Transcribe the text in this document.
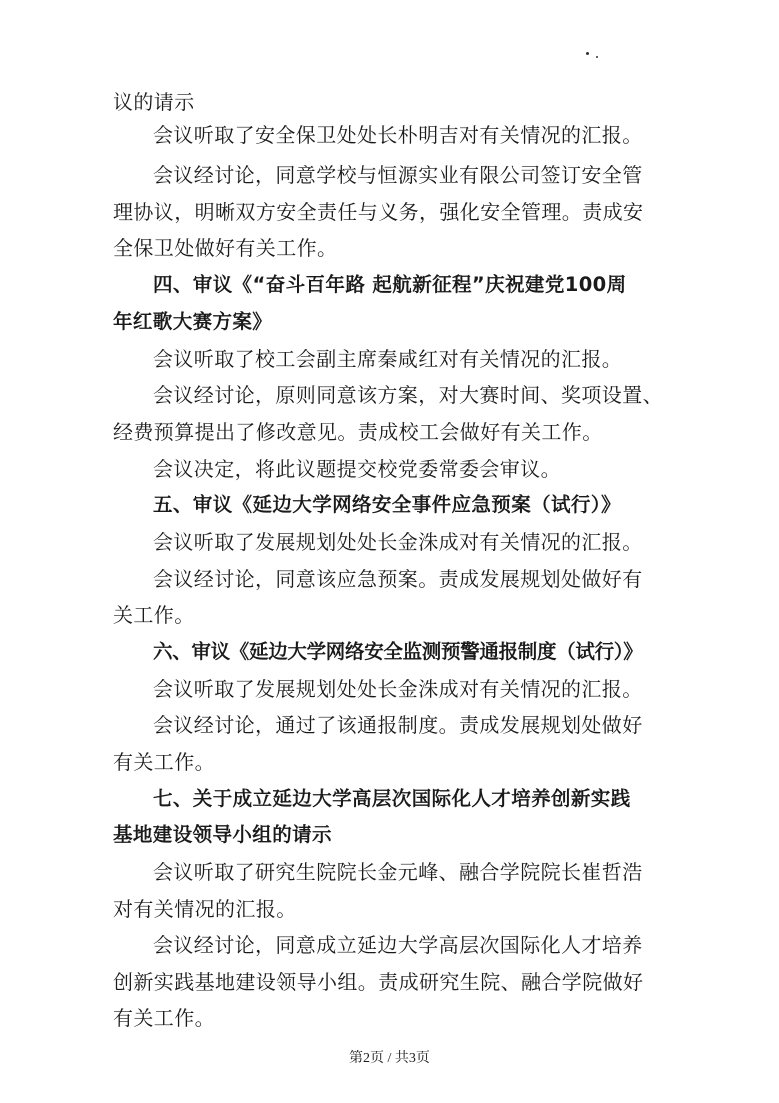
议的请示
会议听取了安全保卫处处长朴明吉对有关情况的汇报。
会议经讨论，同意学校与恒源实业有限公司签订安全管
理协议，明晰双方安全责任与义务，强化安全管理。责成安
全保卫处做好有关工作。
四、审议《“奋斗百年路 起航新征程”庆祝建党100周
年红歌大赛方案》
会议听取了校工会副主席秦咸红对有关情况的汇报。
会议经讨论，原则同意该方案，对大赛时间、奖项设置、
经费预算提出了修改意见。责成校工会做好有关工作。
会议决定，将此议题提交校党委常委会审议。
五、审议《延边大学网络安全事件应急预案（试行）》
会议听取了发展规划处处长金洙成对有关情况的汇报。
会议经讨论，同意该应急预案。责成发展规划处做好有
关工作。
六、审议《延边大学网络安全监测预警通报制度（试行）》
会议听取了发展规划处处长金洙成对有关情况的汇报。
会议经讨论，通过了该通报制度。责成发展规划处做好
有关工作。
七、关于成立延边大学高层次国际化人才培养创新实践
基地建设领导小组的请示
会议听取了研究生院院长金元峰、融合学院院长崔哲浩
对有关情况的汇报。
会议经讨论，同意成立延边大学高层次国际化人才培养
创新实践基地建设领导小组。责成研究生院、融合学院做好
有关工作。
第2页 / 共3页
